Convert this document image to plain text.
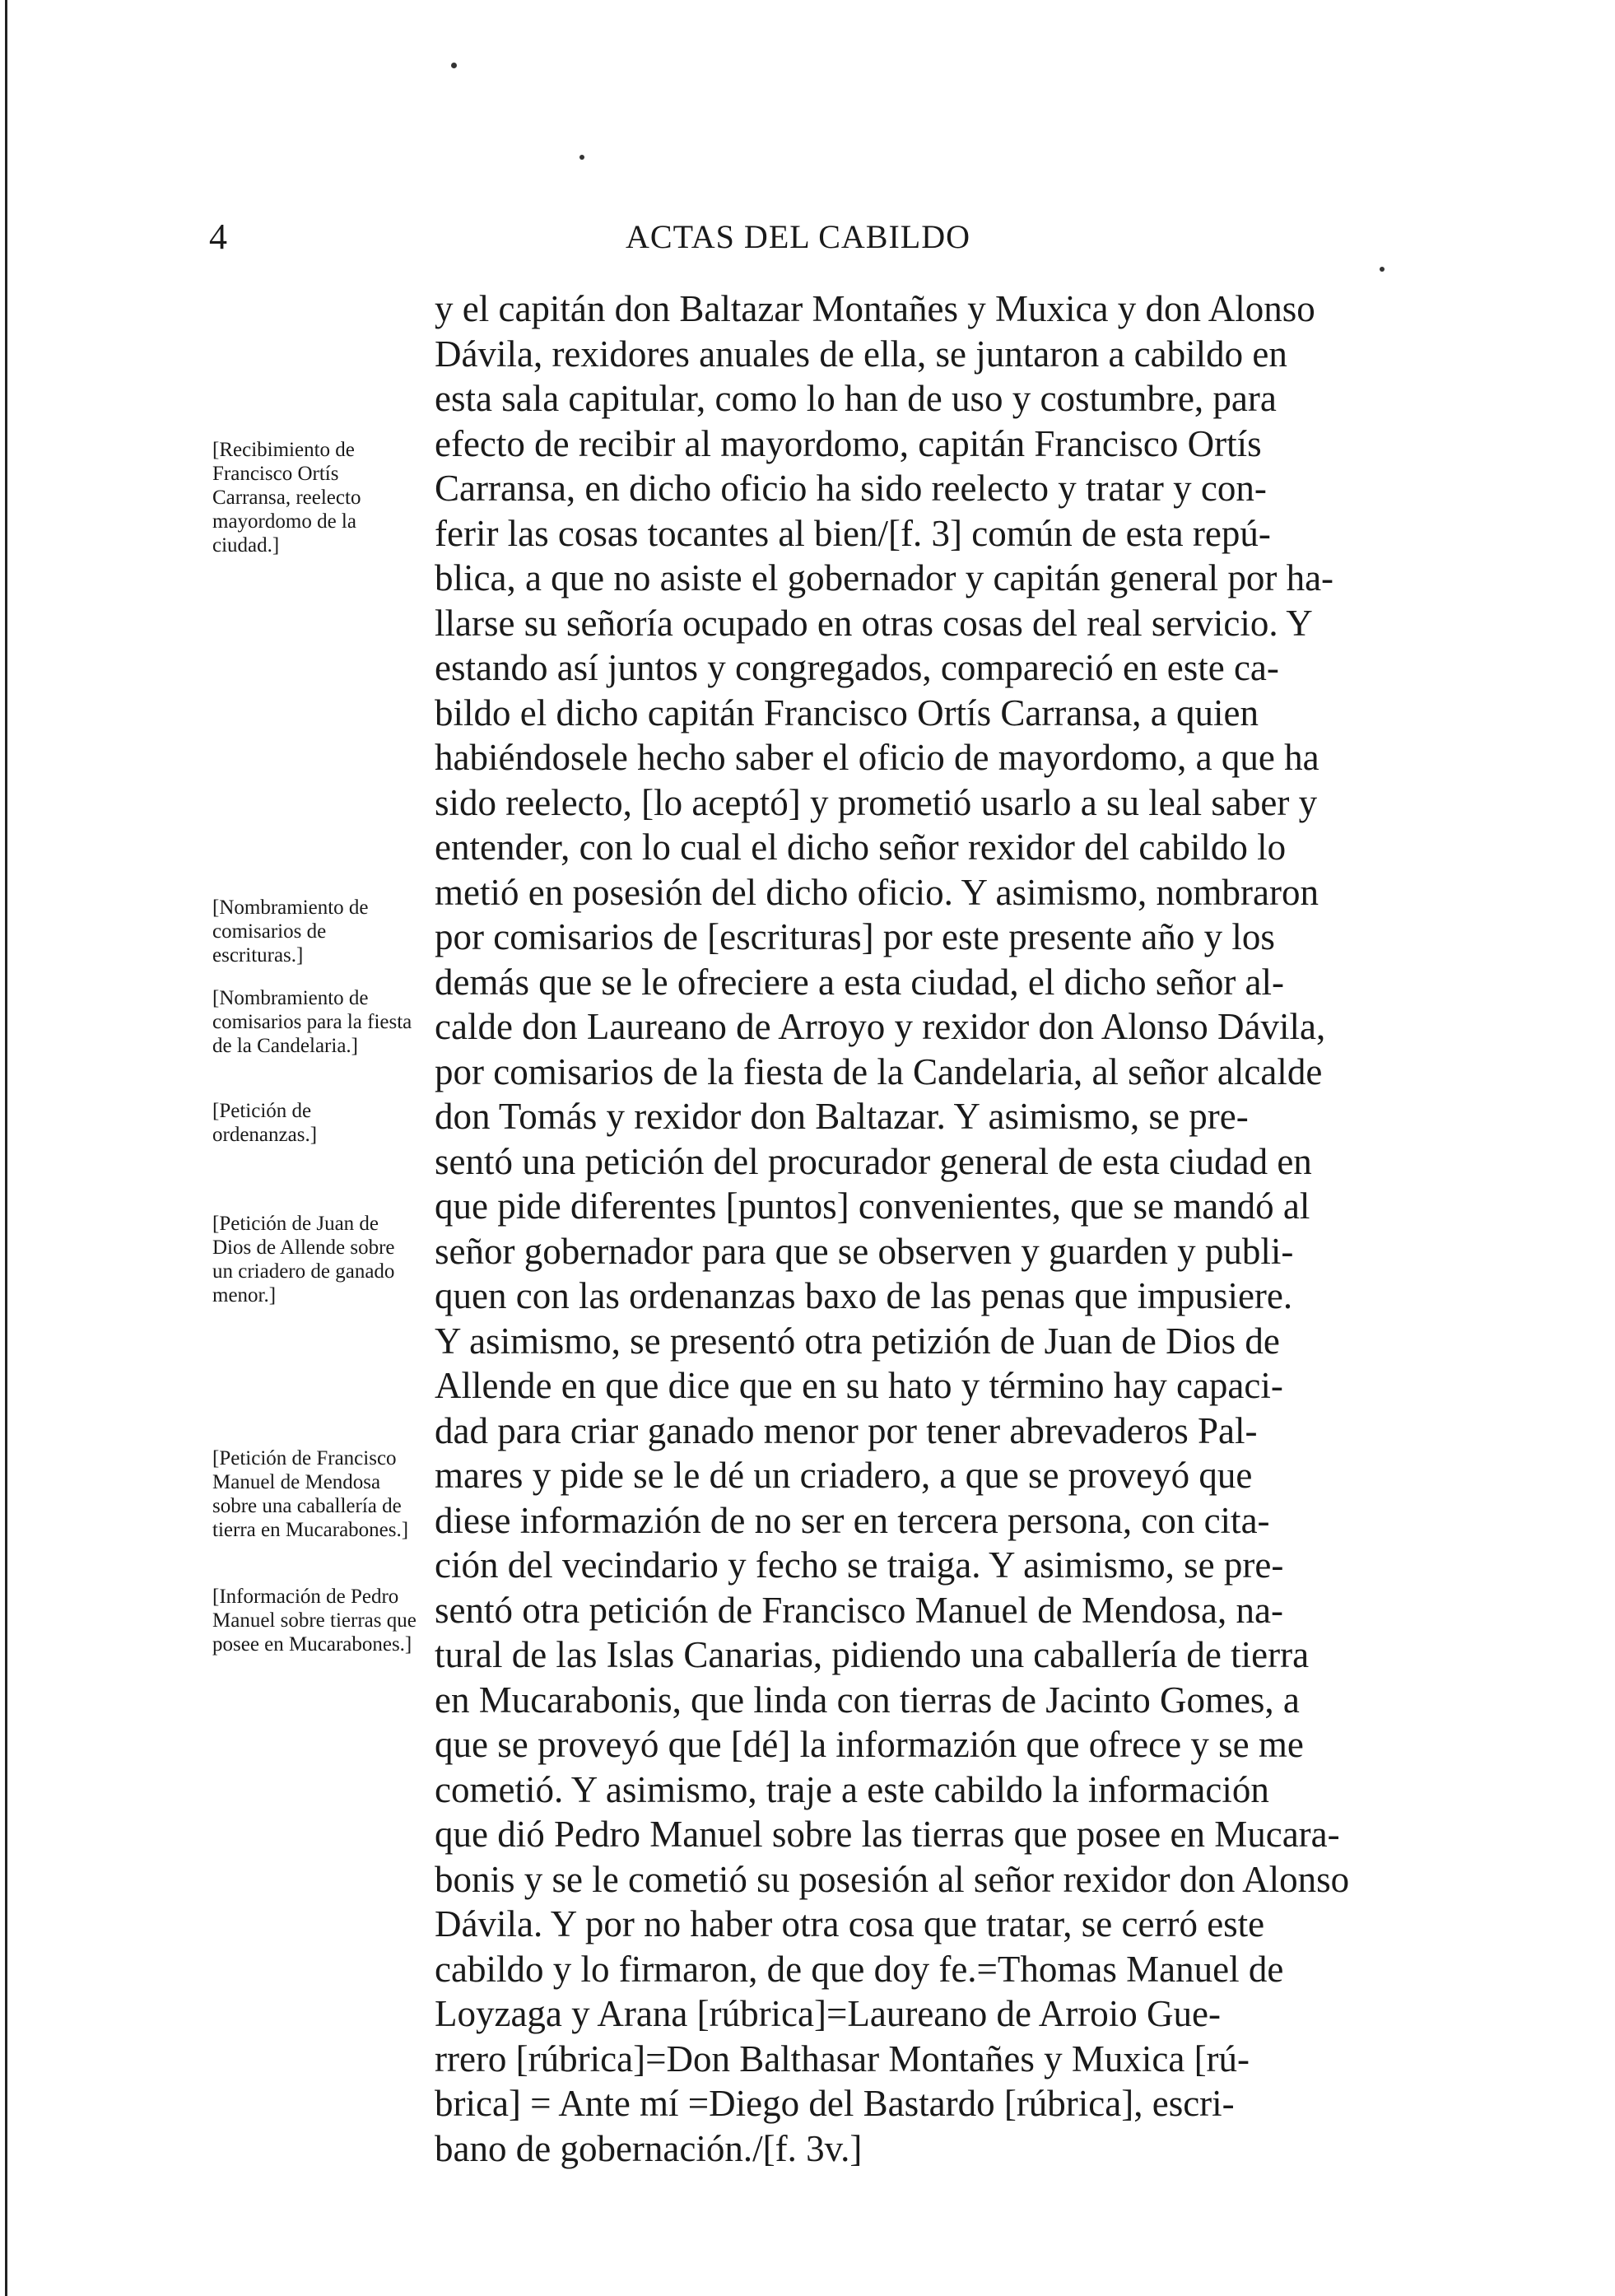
4	ACTAS DEL CABILDO
y el capitán don Baltazar Montañes y Muxica y don Alonso
Dávila, rexidores anuales de ella, se juntaron a cabildo en
esta sala capitular, como lo han de uso y costumbre, para
efecto de recibir al mayordomo, capitán Francisco Ortís
Carransa, en dicho oficio ha sido reelecto y tratar y con-
ferir las cosas tocantes al bien/[f. 3] común de esta repú-
blica, a que no asiste el gobernador y capitán general por ha-
llarse su señoría ocupado en otras cosas del real servicio. Y
estando así juntos y congregados, compareció en este ca-
bildo el dicho capitán Francisco Ortís Carransa, a quien
habiéndosele hecho saber el oficio de mayordomo, a que ha
sido reelecto, [lo aceptó] y prometió usarlo a su leal saber y
entender, con lo cual el dicho señor rexidor del cabildo lo
metió en posesión del dicho oficio. Y asimismo, nombraron
por comisarios de [escrituras] por este presente año y los
demás que se le ofreciere a esta ciudad, el dicho señor al-
calde don Laureano de Arroyo y rexidor don Alonso Dávila,
por comisarios de la fiesta de la Candelaria, al señor alcalde
don Tomás y rexidor don Baltazar. Y asimismo, se pre-
sentó una petición del procurador general de esta ciudad en
que pide diferentes [puntos] convenientes, que se mandó al
señor gobernador para que se observen y guarden y publi-
quen con las ordenanzas baxo de las penas que impusiere.
Y asimismo, se presentó otra petizión de Juan de Dios de
Allende en que dice que en su hato y término hay capaci-
dad para criar ganado menor por tener abrevaderos Pal-
mares y pide se le dé un criadero, a que se proveyó que
diese informazión de no ser en tercera persona, con cita-
ción del vecindario y fecho se traiga. Y asimismo, se pre-
sentó otra petición de Francisco Manuel de Mendosa, na-
tural de las Islas Canarias, pidiendo una caballería de tierra
en Mucarabonis, que linda con tierras de Jacinto Gomes, a
que se proveyó que [dé] la informazión que ofrece y se me
cometió. Y asimismo, traje a este cabildo la información
que dió Pedro Manuel sobre las tierras que posee en Mucara-
bonis y se le cometió su posesión al señor rexidor don Alonso
Dávila. Y por no haber otra cosa que tratar, se cerró este
cabildo y lo firmaron, de que doy fe.=Thomas Manuel de
Loyzaga y Arana [rúbrica]=Laureano de Arroio Gue-
rrero [rúbrica]=Don Balthasar Montañes y Muxica [rú-
brica] = Ante mí =Diego del Bastardo [rúbrica], escri-
bano de gobernación./[f. 3v.]

[Recibimiento de Francisco Ortís Carransa, reelecto mayordomo de la ciudad.]

[Nombramiento de comisarios de escrituras.]

[Nombramiento de comisarios para la fiesta de la Candelaria.]

[Petición de ordenanzas.]

[Petición de Juan de Dios de Allende sobre un criadero de ganado menor.]

[Petición de Francisco Manuel de Mendosa sobre una caballería de tierra en Mucarabones.]

[Información de Pedro Manuel sobre tierras que posee en Mucarabones.]
